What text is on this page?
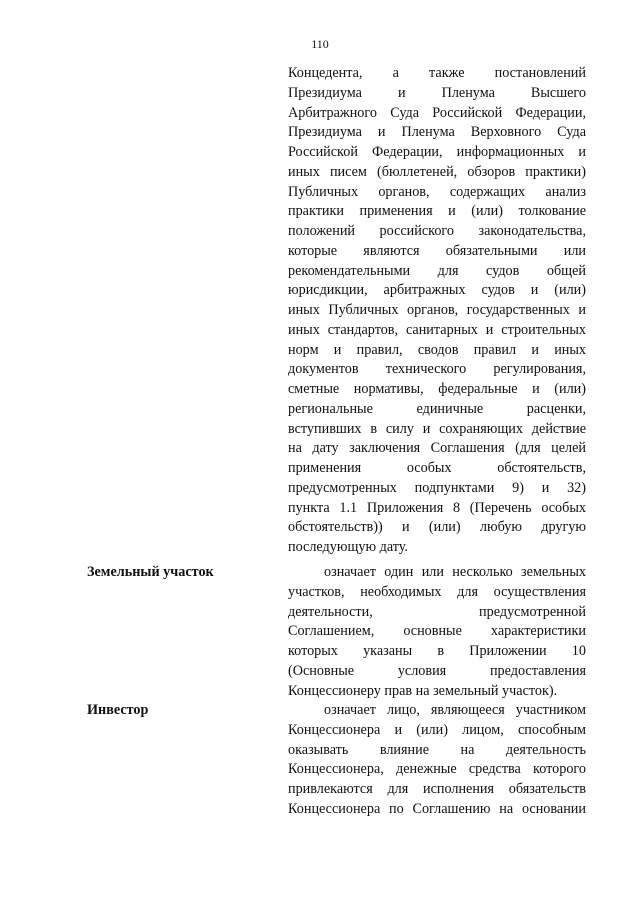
110
Концедента, а также постановлений
Президиума и Пленума Высшего
Арбитражного Суда Российской Федерации,
Президиума и Пленума Верховного Суда
Российской Федерации, информационных и
иных писем (бюллетеней, обзоров практики)
Публичных органов, содержащих анализ
практики применения и (или) толкование
положений российского законодательства,
которые являются обязательными или
рекомендательными для судов общей
юрисдикции, арбитражных судов и (или)
иных Публичных органов, государственных и
иных стандартов, санитарных и строительных
норм и правил, сводов правил и иных
документов технического регулирования,
сметные нормативы, федеральные и (или)
региональные единичные расценки,
вступивших в силу и сохраняющих действие
на дату заключения Соглашения (для целей
применения особых обстоятельств,
предусмотренных подпунктами 9) и 32)
пункта 1.1 Приложения 8 (Перечень особых
обстоятельств)) и (или) любую другую
последующую дату.
Земельный участок	означает один или несколько земельных
участков, необходимых для осуществления
деятельности, предусмотренной
Соглашением, основные характеристики
которых указаны в Приложении 10
(Основные условия предоставления
Концессионеру прав на земельный участок).
Инвестор	означает лицо, являющееся участником
Концессионера и (или) лицом, способным
оказывать влияние на деятельность
Концессионера, денежные средства которого
привлекаются для исполнения обязательств
Концессионера по Соглашению на основании
